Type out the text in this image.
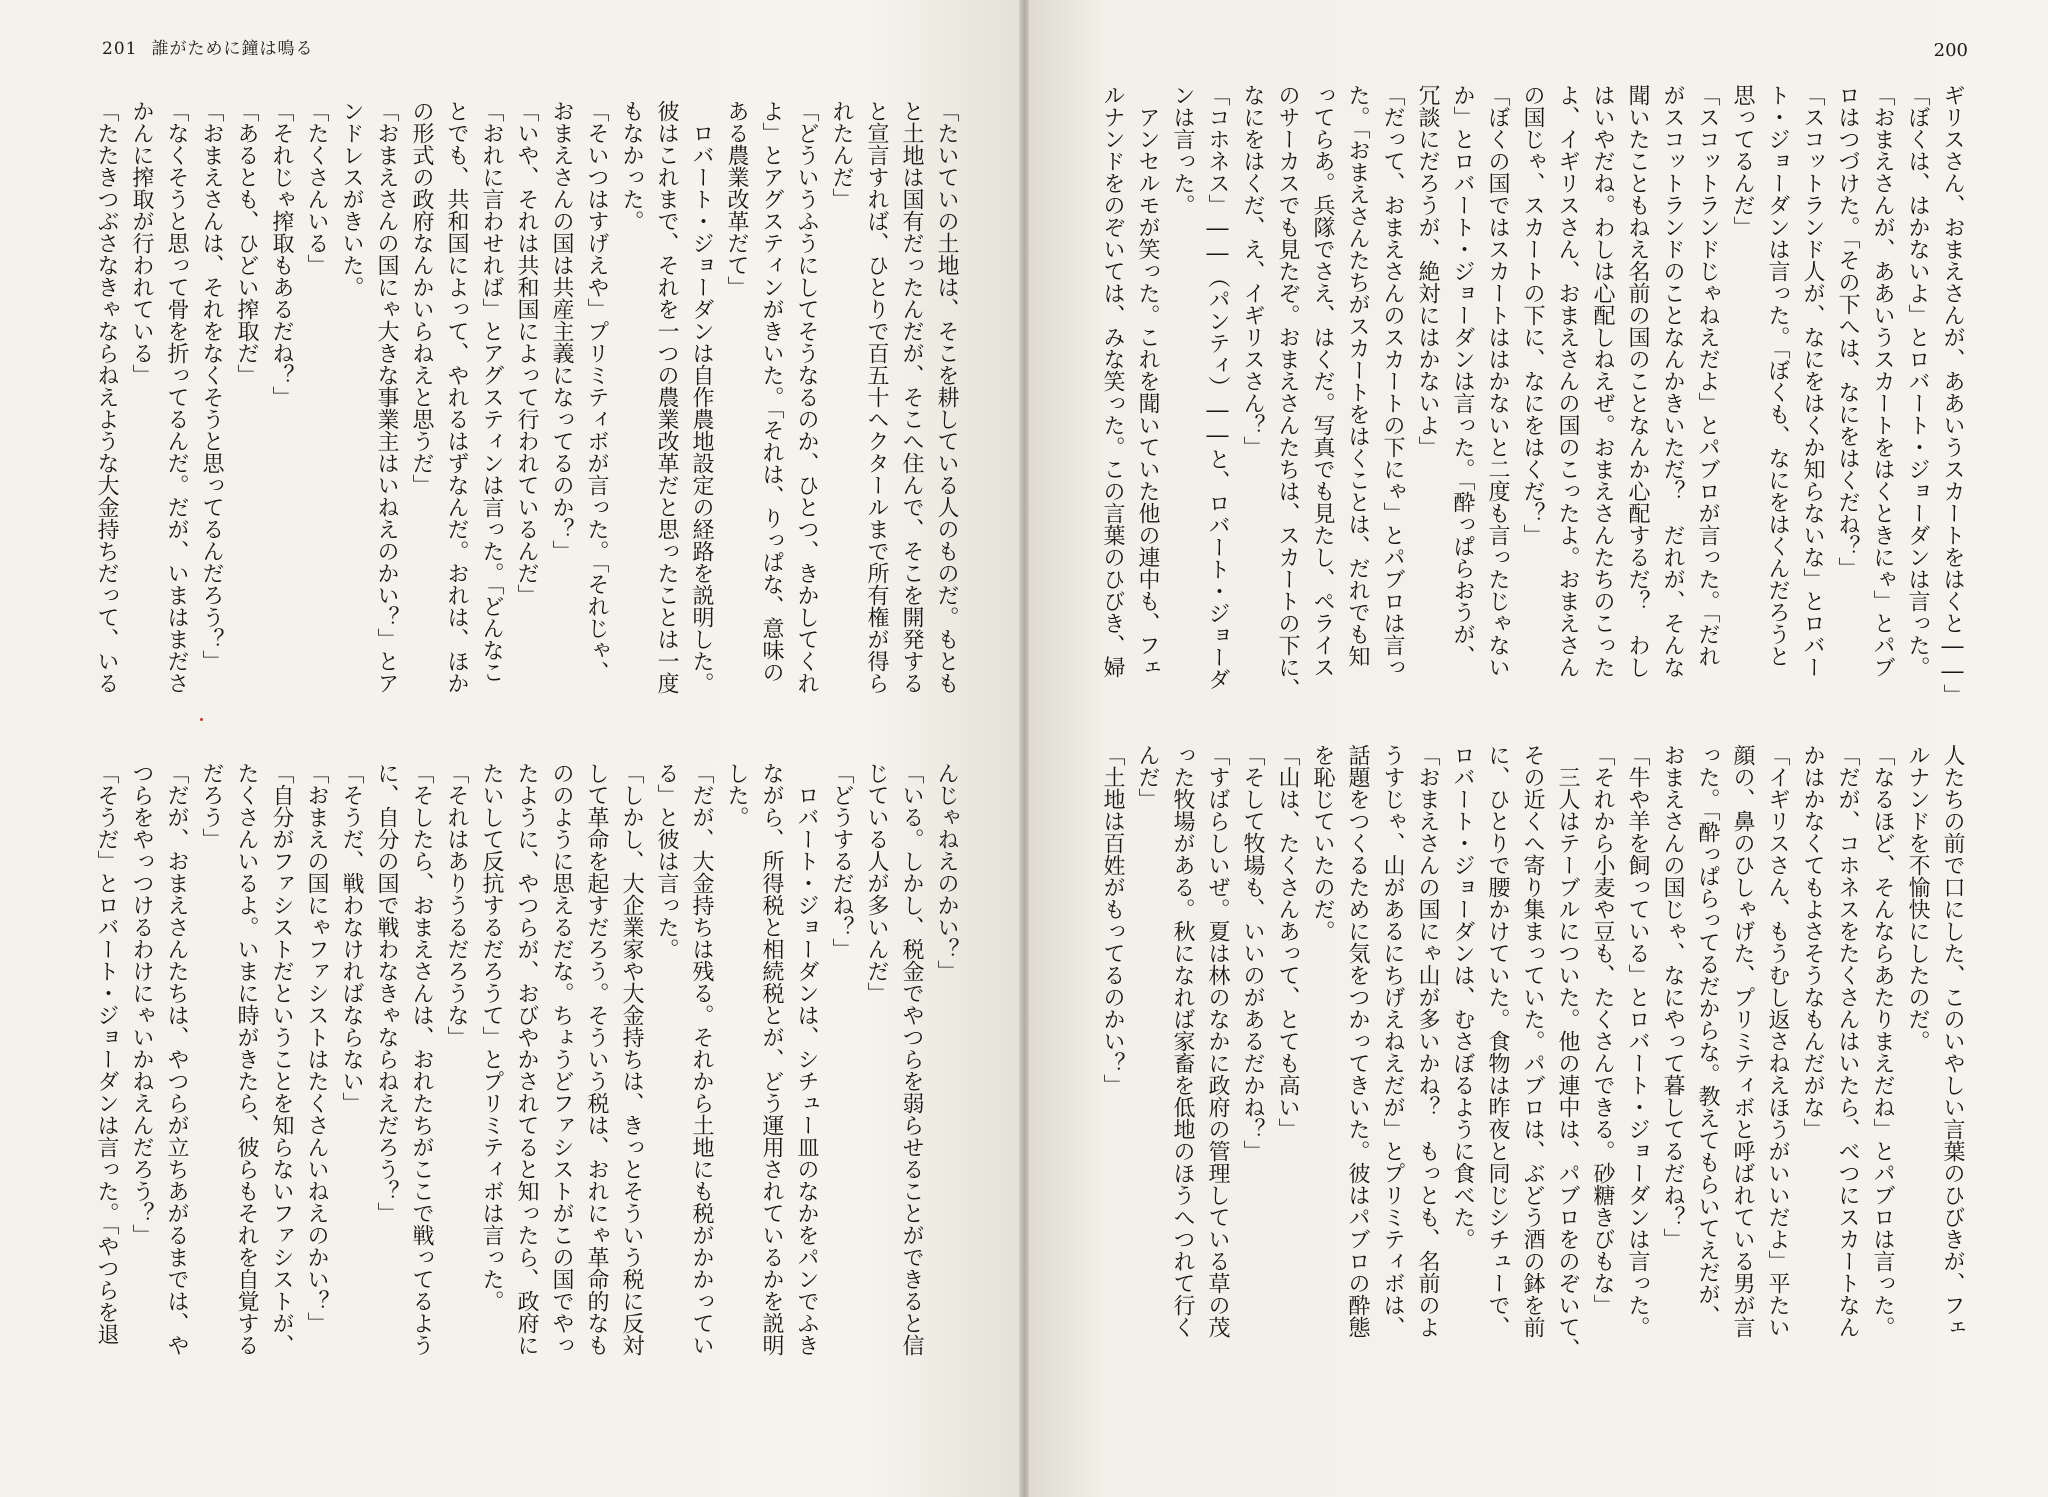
201 誰がために鐘は鳴る

「たいていの土地は、そこを耕している人のものだ。もとも

と土地は国有だったんだが、そこへ住んで、そこを開発する

と宣言すれば、ひとりで百五十ヘクタールまで所有権が得ら

れたんだ」

「どういうふうにしてそうなるのか、ひとつ、きかしてくれ

よ」とアグスティンがきいた。「それは、りっぱな、意味の

ある農業改革だて」

　ロバート・ジョーダンは自作農地設定の経路を説明した。

彼はこれまで、それを一つの農業改革だと思ったことは一度

もなかった。

「そいつはすげえや」プリミティボが言った。「それじゃ、

おまえさんの国は共産主義になってるのか？」

「いや、それは共和国によって行われているんだ」

「おれに言わせれば」とアグスティンは言った。「どんなこ

とでも、共和国によって、やれるはずなんだ。おれは、ほか

の形式の政府なんかいらねえと思うだ」

「おまえさんの国にゃ大きな事業主はいねえのかい？」とア

ンドレスがきいた。

「たくさんいる」

「それじゃ搾取もあるだね？」

「あるとも、ひどい搾取だ」

「おまえさんは、それをなくそうと思ってるんだろう？」

「なくそうと思って骨を折ってるんだ。だが、いまはまださ

かんに搾取が行われている」

「たたきつぶさなきゃならねえような大金持ちだって、いる

んじゃねえのかい？」

「いる。しかし、税金でやつらを弱らせることができると信

じている人が多いんだ」

「どうするだね？」

　ロバート・ジョーダンは、シチュー皿のなかをパンでふき

ながら、所得税と相続税とが、どう運用されているかを説明

した。

「だが、大金持ちは残る。それから土地にも税がかかってい

る」と彼は言った。

「しかし、大企業家や大金持ちは、きっとそういう税に反対

して革命を起すだろう。そういう税は、おれにゃ革命的なも

ののように思えるだな。ちょうどファシストがこの国でやっ

たように、やつらが、おびやかされてると知ったら、政府に

たいして反抗するだろうて」とプリミティボは言った。

「それはありうるだろうな」

「そしたら、おまえさんは、おれたちがここで戦ってるよう

に、自分の国で戦わなきゃならねえだろう？」

「そうだ、戦わなければならない」

「おまえの国にゃファシストはたくさんいねえのかい？」

「自分がファシストだということを知らないファシストが、

たくさんいるよ。いまに時がきたら、彼らもそれを自覚する

だろう」

「だが、おまえさんたちは、やつらが立ちあがるまでは、や

つらをやっつけるわけにゃいかねえんだろう？」

「そうだ」とロバート・ジョーダンは言った。「やつらを退

200

ギリスさん、おまえさんが、ああいうスカートをはくと――」

「ぼくは、はかないよ」とロバート・ジョーダンは言った。

「おまえさんが、ああいうスカートをはくときにゃ」とパブ

ロはつづけた。「その下へは、なにをはくだね？」

「スコットランド人が、なにをはくか知らないな」とロバー

ト・ジョーダンは言った。「ぼくも、なにをはくんだろうと

思ってるんだ」

「スコットランドじゃねえだよ」とパブロが言った。「だれ

がスコットランドのことなんかきいただ？　だれが、そんな

聞いたこともねえ名前の国のことなんか心配するだ？　わし

はいやだね。わしは心配しねえぜ。おまえさんたちのこった

よ、イギリスさん、おまえさんの国のこったよ。おまえさん

の国じゃ、スカートの下に、なにをはくだ？」

「ぼくの国ではスカートははかないと二度も言ったじゃない

か」とロバート・ジョーダンは言った。「酔っぱらおうが、

冗談にだろうが、絶対にはかないよ」

「だって、おまえさんのスカートの下にゃ」とパブロは言っ

た。「おまえさんたちがスカートをはくことは、だれでも知

ってらあ。兵隊でさえ、はくだ。写真でも見たし、ペライス

のサーカスでも見たぞ。おまえさんたちは、スカートの下に、

なにをはくだ、え、イギリスさん？」

「コホネス」――（パンティ）――と、ロバート・ジョーダ

ンは言った。

　アンセルモが笑った。これを聞いていた他の連中も、フェ

ルナンドをのぞいては、みな笑った。この言葉のひびき、婦

人たちの前で口にした、このいやしい言葉のひびきが、フェ

ルナンドを不愉快にしたのだ。

「なるほど、そんならあたりまえだね」とパブロは言った。

「だが、コホネスをたくさんはいたら、べつにスカートなん

かはかなくてもよさそうなもんだがな」

「イギリスさん、もうむし返さねえほうがいいだよ」平たい

顔の、鼻のひしゃげた、プリミティボと呼ばれている男が言

った。「酔っぱらってるだからな。教えてもらいてえだが、

おまえさんの国じゃ、なにやって暮してるだね？」

「牛や羊を飼っている」とロバート・ジョーダンは言った。

「それから小麦や豆も、たくさんできる。砂糖きびもな」

　三人はテーブルについた。他の連中は、パブロをのぞいて、

その近くへ寄り集まっていた。パブロは、ぶどう酒の鉢を前

に、ひとりで腰かけていた。食物は昨夜と同じシチューで、

ロバート・ジョーダンは、むさぼるように食べた。

「おまえさんの国にゃ山が多いかね？　もっとも、名前のよ

うすじゃ、山があるにちげえねえだが」とプリミティボは、

話題をつくるために気をつかってきいた。彼はパブロの酔態

を恥じていたのだ。

「山は、たくさんあって、とても高い」

「そして牧場も、いいのがあるだかね？」

「すばらしいぜ。夏は林のなかに政府の管理している草の茂

った牧場がある。秋になれば家畜を低地のほうへつれて行く

んだ」

「土地は百姓がもってるのかい？」
